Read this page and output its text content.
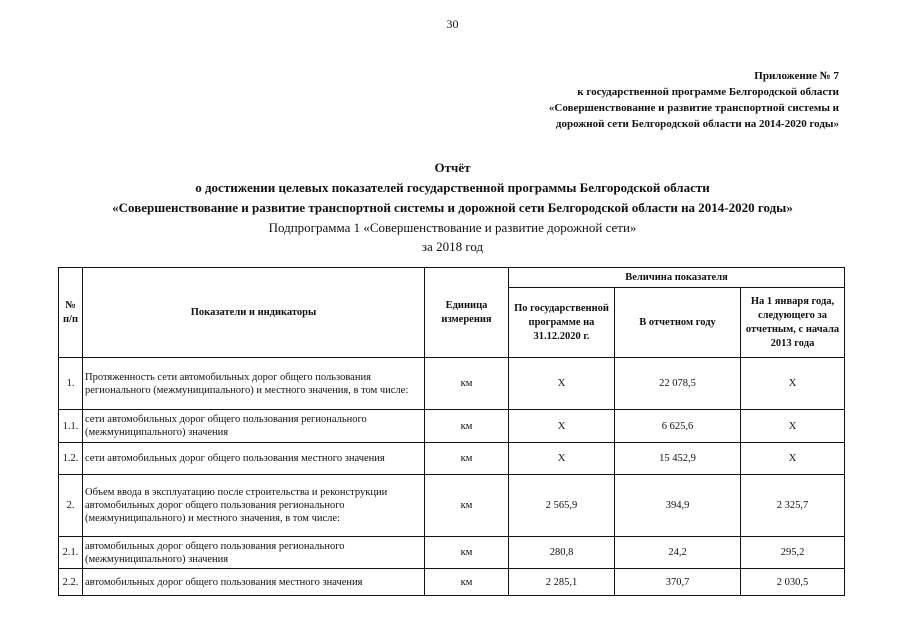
30
Приложение № 7
к государственной программе Белгородской области
«Совершенствование и развитие транспортной системы и
дорожной сети Белгородской области на 2014-2020 годы»
Отчёт
о достижении целевых показателей государственной программы Белгородской области
«Совершенствование и развитие транспортной системы и дорожной сети Белгородской области на 2014-2020 годы»
Подпрограмма 1 «Совершенствование и развитие дорожной сети»
за 2018 год
№ п/п	Показатели и индикаторы	Единица измерения	Величина показателя		
			По государственной программе на 31.12.2020 г.	В отчетном году	На 1 января года, следующего за отчетным, с начала 2013 года
1.	Протяженность сети автомобильных дорог общего пользования регионального (межмуниципального) и местного значения, в том числе:	км	Х	22 078,5	Х
1.1.	сети автомобильных дорог общего пользования регионального (межмуниципального) значения	км	Х	6 625,6	Х
1.2.	сети автомобильных дорог общего пользования местного значения	км	Х	15 452,9	Х
2.	Объем ввода в эксплуатацию после строительства и реконструкции автомобильных дорог общего пользования регионального (межмуниципального) и местного значения, в том числе:	км	2 565,9	394,9	2 325,7
2.1.	автомобильных дорог общего пользования регионального (межмуниципального) значения	км	280,8	24,2	295,2
2.2.	автомобильных дорог общего пользования местного значения	км	2 285,1	370,7	2 030,5
